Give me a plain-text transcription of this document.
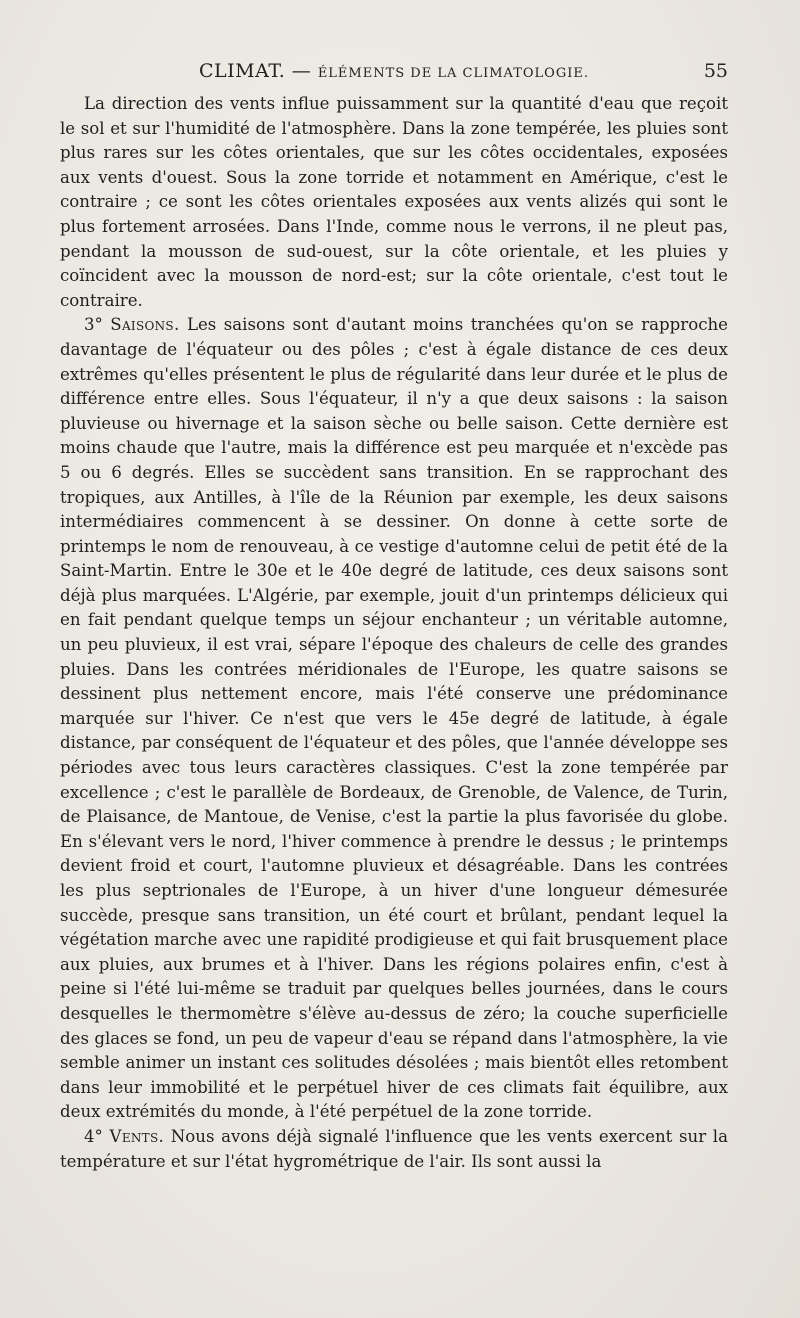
CLIMAT. — ÉLÉMENTS DE LA CLIMATOLOGIE.	55

La direction des vents influe puissamment sur la quantité d'eau que reçoit le sol et sur l'humidité de l'atmosphère. Dans la zone tempérée, les pluies sont plus rares sur les côtes orientales, que sur les côtes occidentales, exposées aux vents d'ouest. Sous la zone torride et notamment en Amérique, c'est le contraire ; ce sont les côtes orientales exposées aux vents alizés qui sont le plus fortement arrosées. Dans l'Inde, comme nous le verrons, il ne pleut pas, pendant la mousson de sud-ouest, sur la côte orientale, et les pluies y coïncident avec la mousson de nord-est; sur la côte orientale, c'est tout le contraire.

3° Saisons. Les saisons sont d'autant moins tranchées qu'on se rapproche davantage de l'équateur ou des pôles ; c'est à égale distance de ces deux extrêmes qu'elles présentent le plus de régularité dans leur durée et le plus de différence entre elles. Sous l'équateur, il n'y a que deux saisons : la saison pluvieuse ou hivernage et la saison sèche ou belle saison. Cette dernière est moins chaude que l'autre, mais la différence est peu marquée et n'excède pas 5 ou 6 degrés. Elles se succèdent sans transition. En se rapprochant des tropiques, aux Antilles, à l'île de la Réunion par exemple, les deux saisons intermédiaires commencent à se dessiner. On donne à cette sorte de printemps le nom de renouveau, à ce vestige d'automne celui de petit été de la Saint-Martin. Entre le 30e et le 40e degré de latitude, ces deux saisons sont déjà plus marquées. L'Algérie, par exemple, jouit d'un printemps délicieux qui en fait pendant quelque temps un séjour enchanteur ; un véritable automne, un peu pluvieux, il est vrai, sépare l'époque des chaleurs de celle des grandes pluies. Dans les contrées méridionales de l'Europe, les quatre saisons se dessinent plus nettement encore, mais l'été conserve une prédominance marquée sur l'hiver. Ce n'est que vers le 45e degré de latitude, à égale distance, par conséquent de l'équateur et des pôles, que l'année développe ses périodes avec tous leurs caractères classiques. C'est la zone tempérée par excellence ; c'est le parallèle de Bordeaux, de Grenoble, de Valence, de Turin, de Plaisance, de Mantoue, de Venise, c'est la partie la plus favorisée du globe. En s'élevant vers le nord, l'hiver commence à prendre le dessus ; le printemps devient froid et court, l'automne pluvieux et désagréable. Dans les contrées les plus septrionales de l'Europe, à un hiver d'une longueur démesurée succède, presque sans transition, un été court et brûlant, pendant lequel la végétation marche avec une rapidité prodigieuse et qui fait brusquement place aux pluies, aux brumes et à l'hiver. Dans les régions polaires enfin, c'est à peine si l'été lui-même se traduit par quelques belles journées, dans le cours desquelles le thermomètre s'élève au-dessus de zéro; la couche superficielle des glaces se fond, un peu de vapeur d'eau se répand dans l'atmosphère, la vie semble animer un instant ces solitudes désolées ; mais bientôt elles retombent dans leur immobilité et le perpétuel hiver de ces climats fait équilibre, aux deux extrémités du monde, à l'été perpétuel de la zone torride.

4° Vents. Nous avons déjà signalé l'influence que les vents exercent sur la température et sur l'état hygrométrique de l'air. Ils sont aussi la
